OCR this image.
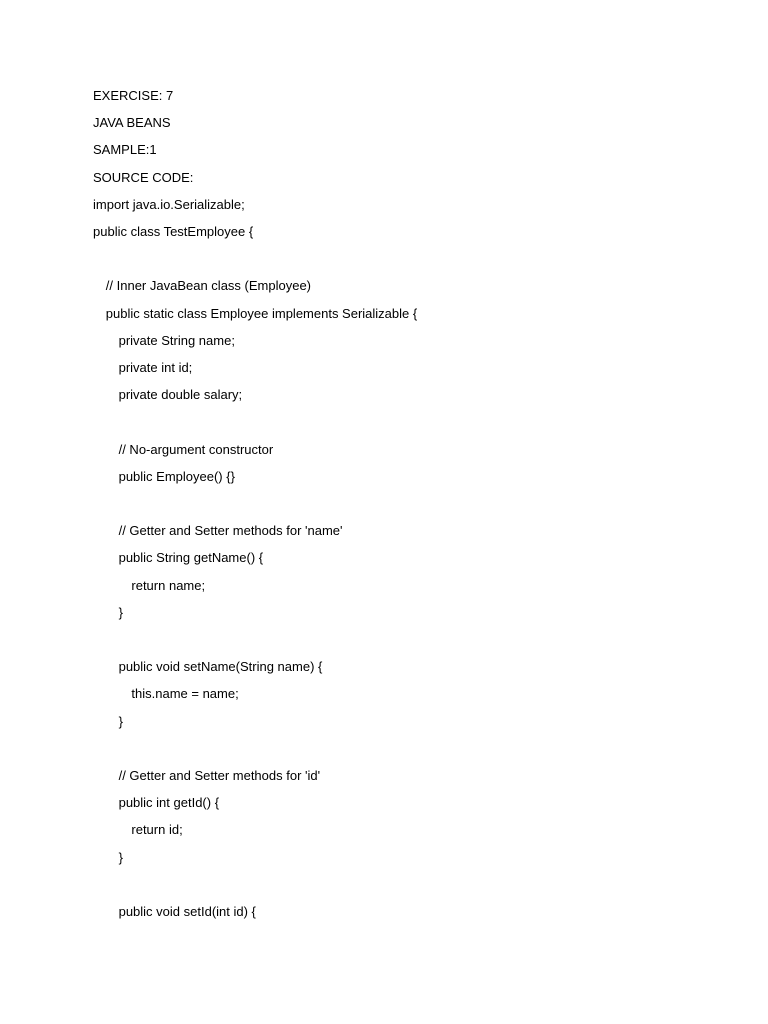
EXERCISE: 7
JAVA BEANS
SAMPLE:1
SOURCE CODE:
import java.io.Serializable;
public class TestEmployee {
// Inner JavaBean class (Employee)
public static class Employee implements Serializable {
private String name;
private int id;
private double salary;
// No-argument constructor
public Employee() {}
// Getter and Setter methods for 'name'
public String getName() {
return name;
}
public void setName(String name) {
this.name = name;
}
// Getter and Setter methods for 'id'
public int getId() {
return id;
}
public void setId(int id) {
